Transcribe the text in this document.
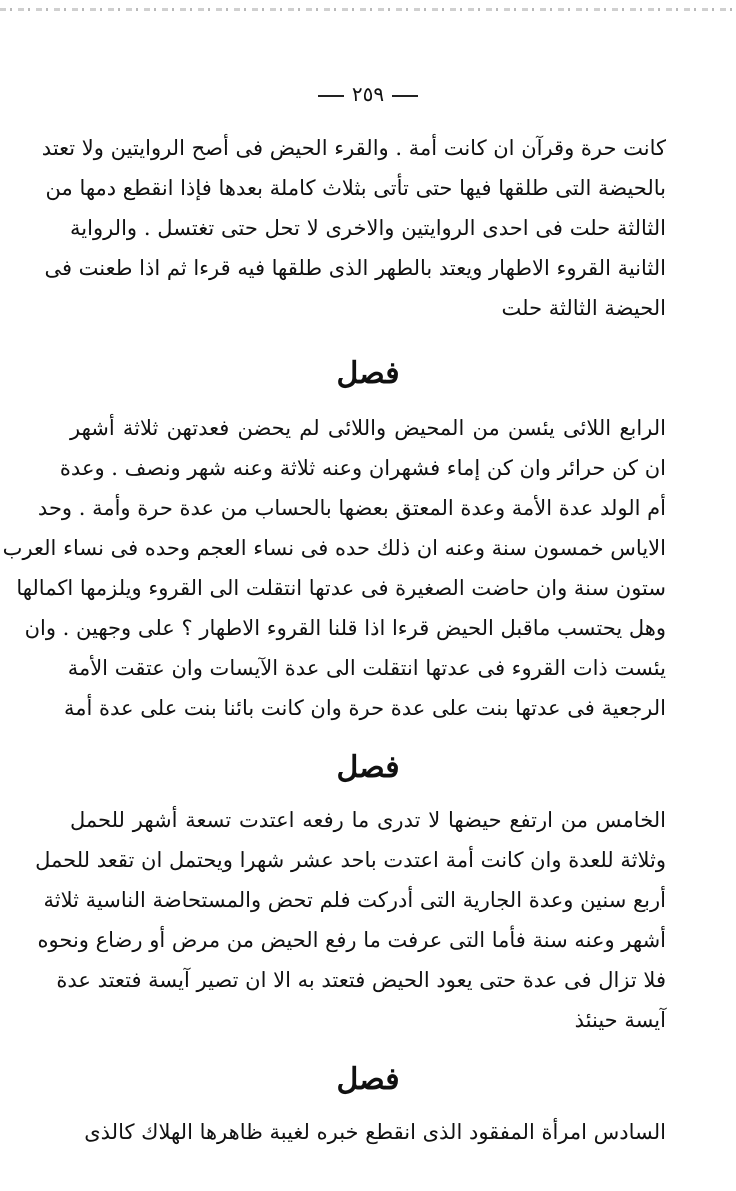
٢٥٩
كانت حرة وقرآن ان كانت أمة . والقرء الحيض فى أصح الروايتين ولا تعتد
بالحيضة التى طلقها فيها حتى تأتى بثلاث كاملة بعدها فإذا انقطع دمها من
الثالثة حلت فى احدى الروايتين والاخرى لا تحل حتى تغتسل . والرواية
الثانية القروء الاطهار ويعتد بالطهر الذى طلقها فيه قرءا ثم اذا طعنت فى
الحيضة الثالثة حلت
فصل
الرابع اللائى يئسن من المحيض واللائى لم يحضن فعدتهن ثلاثة أشهر
ان كن حرائر وان كن إماء فشهران وعنه ثلاثة وعنه شهر ونصف . وعدة
أم الولد عدة الأمة وعدة المعتق بعضها بالحساب من عدة حرة وأمة . وحد
الاياس خمسون سنة وعنه ان ذلك حده فى نساء العجم وحده فى نساء العرب
ستون سنة وان حاضت الصغيرة فى عدتها انتقلت الى القروء ويلزمها اكمالها
وهل يحتسب ماقبل الحيض قرءا اذا قلنا القروء الاطهار ؟ على وجهين . وان
يئست ذات القروء فى عدتها انتقلت الى عدة الآيسات وان عتقت الأمة
الرجعية فى عدتها بنت على عدة حرة وان كانت بائنا بنت على عدة أمة
فصل
الخامس من ارتفع حيضها لا تدرى ما رفعه اعتدت تسعة أشهر للحمل
وثلاثة للعدة وان كانت أمة اعتدت باحد عشر شهرا ويحتمل ان تقعد للحمل
أربع سنين وعدة الجارية التى أدركت فلم تحض والمستحاضة الناسية ثلاثة
أشهر وعنه سنة فأما التى عرفت ما رفع الحيض من مرض أو رضاع ونحوه
فلا تزال فى عدة حتى يعود الحيض فتعتد به الا ان تصير آيسة فتعتد عدة
آيسة حينئذ
فصل
السادس امرأة المفقود الذى انقطع خبره لغيبة ظاهرها الهلاك كالذى
